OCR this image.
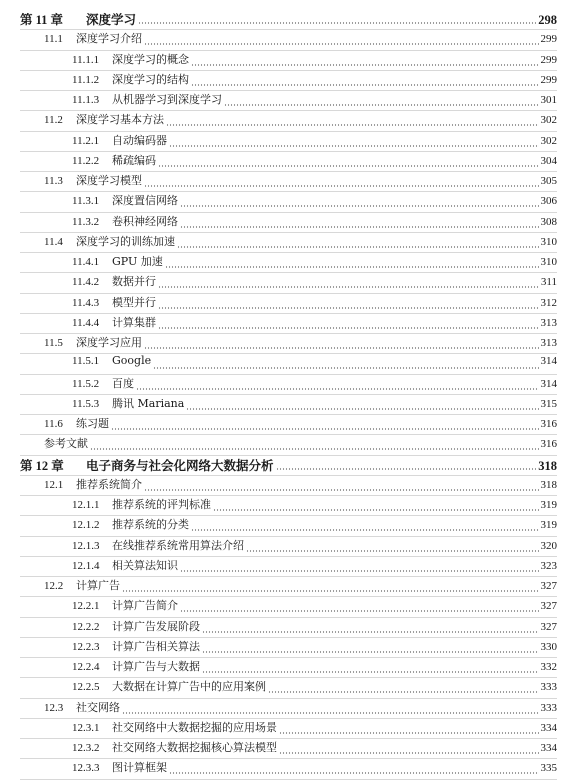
第 11 章	深度学习	298
11.1	深度学习介绍	299
11.1.1	深度学习的概念	299
11.1.2	深度学习的结构	299
11.1.3	从机器学习到深度学习	301
11.2	深度学习基本方法	302
11.2.1	自动编码器	302
11.2.2	稀疏编码	304
11.3	深度学习模型	305
11.3.1	深度置信网络	306
11.3.2	卷积神经网络	308
11.4	深度学习的训练加速	310
11.4.1	GPU 加速	310
11.4.2	数据并行	311
11.4.3	模型并行	312
11.4.4	计算集群	313
11.5	深度学习应用	313
11.5.1	Google	314
11.5.2	百度	314
11.5.3	腾讯 Mariana	315
11.6	练习题	316
参考文献	316
第 12 章	电子商务与社会化网络大数据分析	318
12.1	推荐系统简介	318
12.1.1	推荐系统的评判标准	319
12.1.2	推荐系统的分类	319
12.1.3	在线推荐系统常用算法介绍	320
12.1.4	相关算法知识	323
12.2	计算广告	327
12.2.1	计算广告简介	327
12.2.2	计算广告发展阶段	327
12.2.3	计算广告相关算法	330
12.2.4	计算广告与大数据	332
12.2.5	大数据在计算广告中的应用案例	333
12.3	社交网络	333
12.3.1	社交网络中大数据挖掘的应用场景	334
12.3.2	社交网络大数据挖掘核心算法模型	334
12.3.3	图计算框架	335
